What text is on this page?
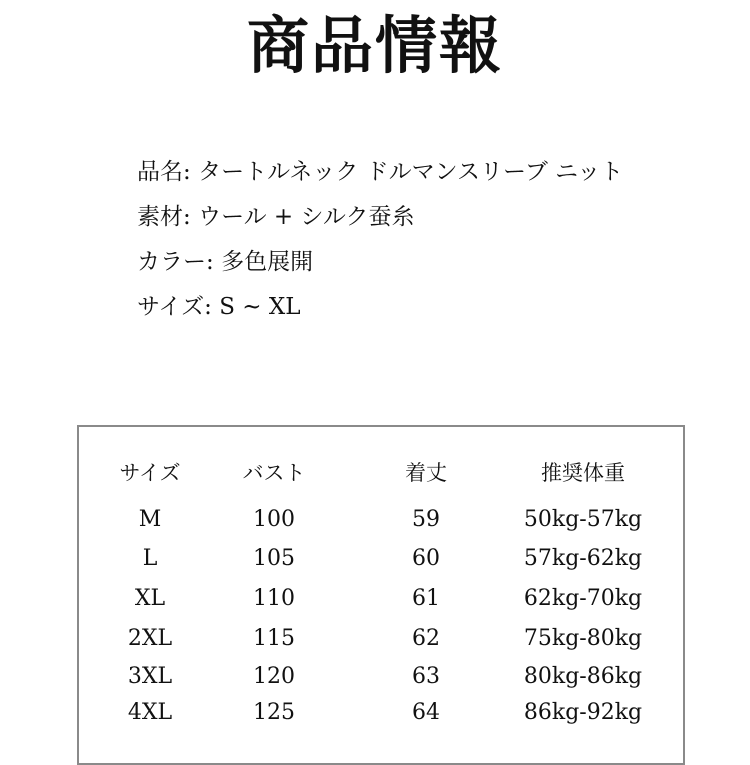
商品情報
品名: タートルネック ドルマンスリーブ ニット
素材: ウール + シルク蚕糸
カラー: 多色展開
サイズ: S ~ XL
サイズ	バスト	着丈	推奨体重
M	100	59	50kg-57kg
L	105	60	57kg-62kg
XL	110	61	62kg-70kg
2XL	115	62	75kg-80kg
3XL	120	63	80kg-86kg
4XL	125	64	86kg-92kg
